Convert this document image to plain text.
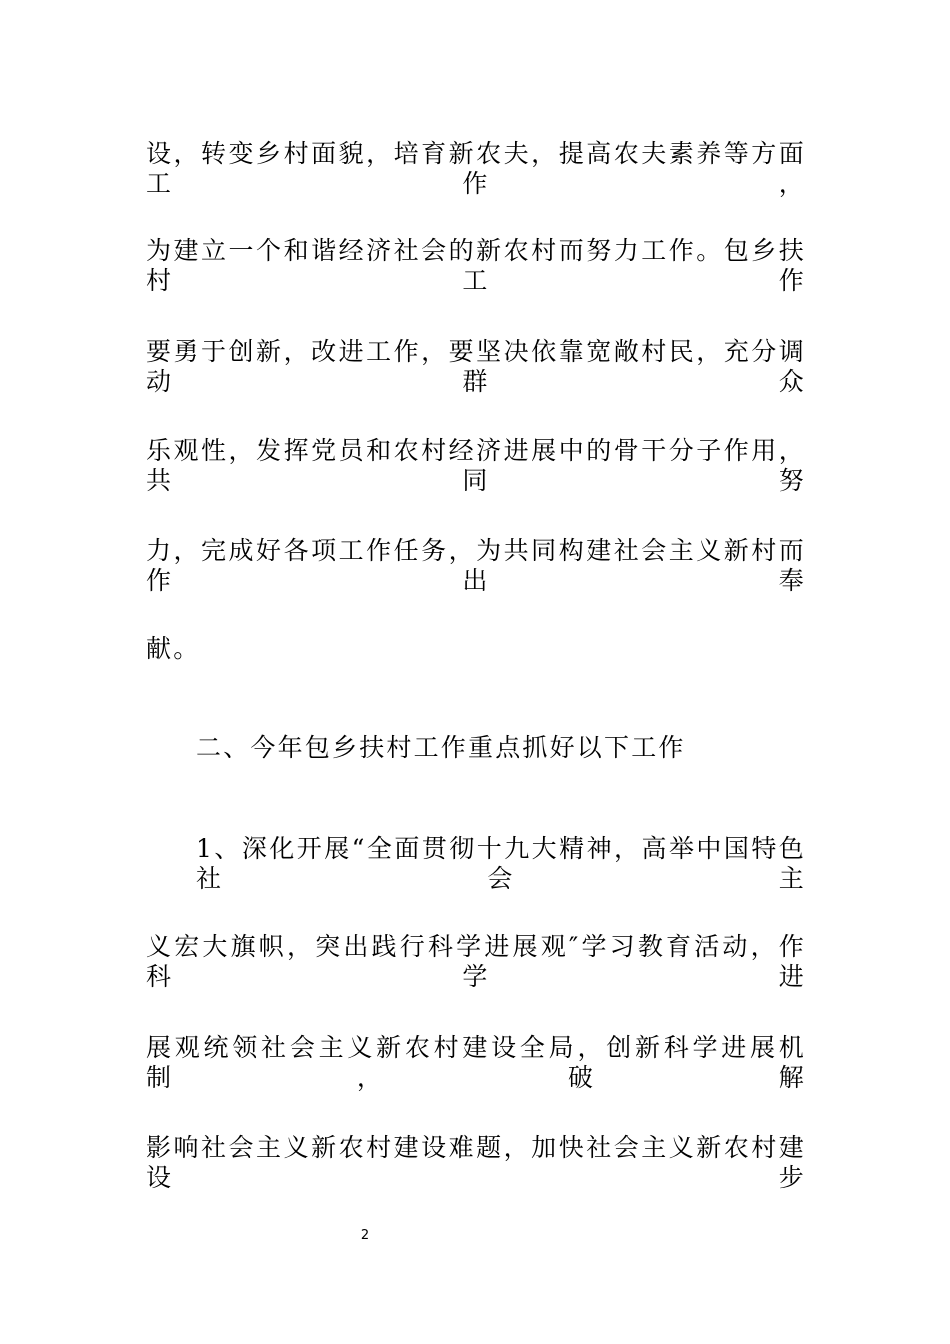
设，转变乡村面貌，培育新农夫，提高农夫素养等方面工作，
为建立一个和谐经济社会的新农村而努力工作。包乡扶村工作
要勇于创新，改进工作，要坚决依靠宽敞村民，充分调动群众
乐观性，发挥党员和农村经济进展中的骨干分子作用，共同努
力，完成好各项工作任务，为共同构建社会主义新村而作出奉
献。
二、今年包乡扶村工作重点抓好以下工作
1、深化开展“全面贯彻十九大精神，高举中国特色社会主
义宏大旗帜，突出践行科学进展观″学习教育活动，作科学进
展观统领社会主义新农村建设全局，创新科学进展机制，破解
影响社会主义新农村建设难题，加快社会主义新农村建设步
2
